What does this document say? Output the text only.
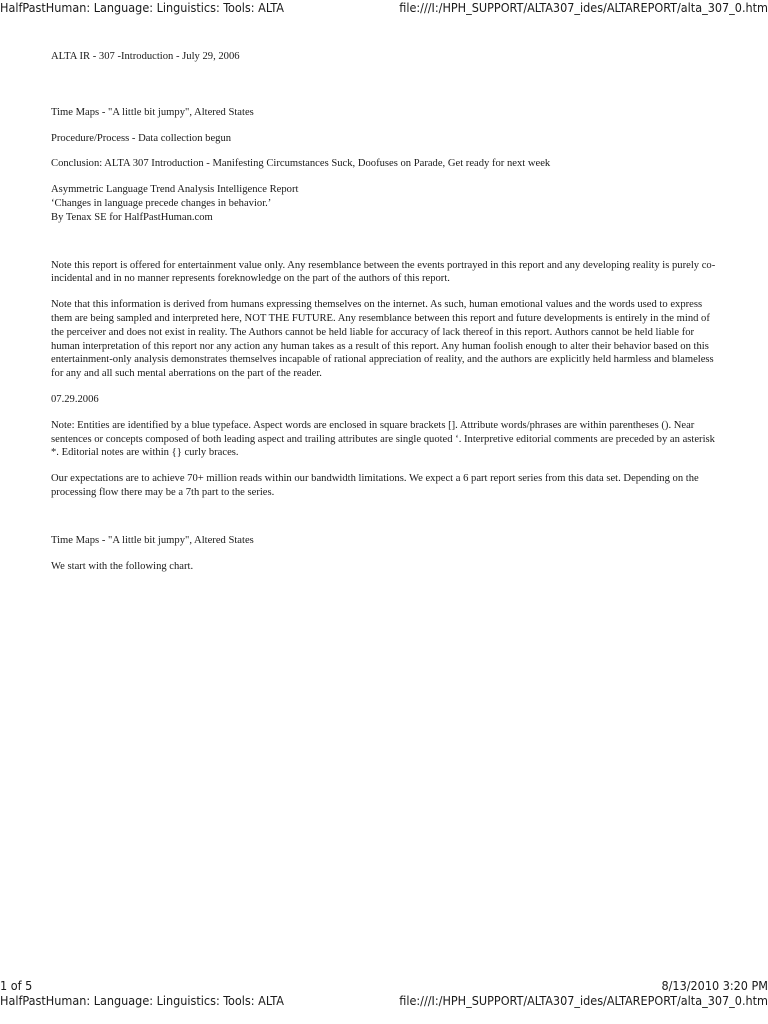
HalfPastHuman: Language: Linguistics: Tools: ALTA	file:///I:/HPH_SUPPORT/ALTA307_ides/ALTAREPORT/alta_307_0.htm

ALTA IR - 307 -Introduction - July 29, 2006

Time Maps - "A little bit jumpy", Altered States

Procedure/Process - Data collection begun

Conclusion: ALTA 307 Introduction - Manifesting Circumstances Suck, Doofuses on Parade, Get ready for next week

Asymmetric Language Trend Analysis Intelligence Report

‘Changes in language precede changes in behavior.’

By Tenax SE for HalfPastHuman.com

Note this report is offered for entertainment value only. Any resemblance between the events portrayed in this report and any developing reality is purely co-incidental and in no manner represents foreknowledge on the part of the authors of this report.

Note that this information is derived from humans expressing themselves on the internet. As such, human emotional values and the words used to express them are being sampled and interpreted here, NOT THE FUTURE. Any resemblance between this report and future developments is entirely in the mind of the perceiver and does not exist in reality. The Authors cannot be held liable for accuracy of lack thereof in this report. Authors cannot be held liable for human interpretation of this report nor any action any human takes as a result of this report. Any human foolish enough to alter their behavior based on this entertainment-only analysis demonstrates themselves incapable of rational appreciation of reality, and the authors are explicitly held harmless and blameless for any and all such mental aberrations on the part of the reader.

07.29.2006

Note: Entities are identified by a blue typeface. Aspect words are enclosed in square brackets []. Attribute words/phrases are within parentheses (). Near sentences or concepts composed of both leading aspect and trailing attributes are single quoted ‘. Interpretive editorial comments are preceded by an asterisk *. Editorial notes are within {} curly braces.

Our expectations are to achieve 70+ million reads within our bandwidth limitations. We expect a 6 part report series from this data set. Depending on the processing flow there may be a 7th part to the series.

Time Maps - "A little bit jumpy", Altered States

We start with the following chart.

1 of 5	8/13/2010 3:20 PM
HalfPastHuman: Language: Linguistics: Tools: ALTA	file:///I:/HPH_SUPPORT/ALTA307_ides/ALTAREPORT/alta_307_0.htm
